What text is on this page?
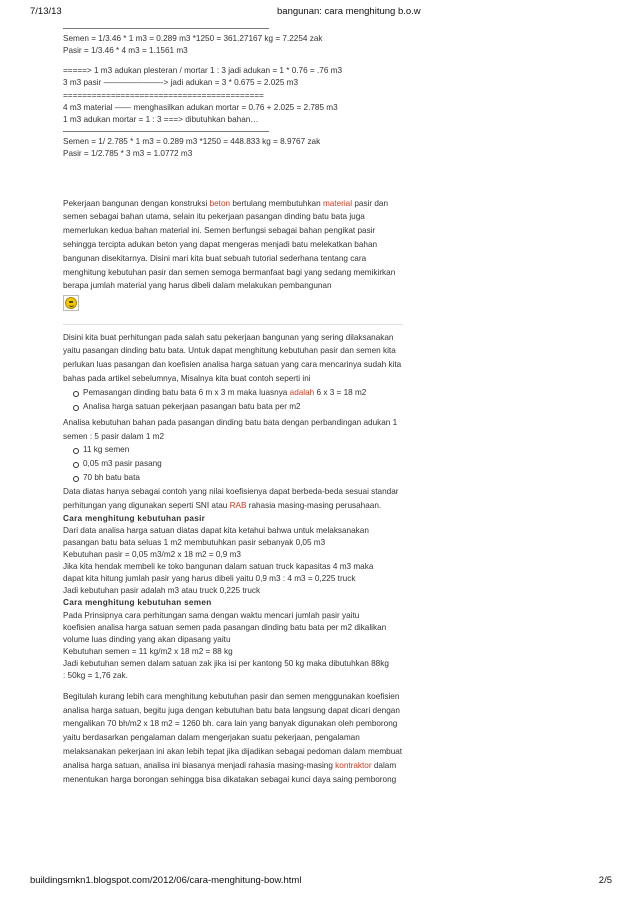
7/13/13	bangunan: cara menghitung b.o.w

Semen = 1/3.46 * 1 m3 = 0.289 m3 *1250 = 361.27167 kg = 7.2254 zak

Pasir = 1/3.46 * 4 m3 = 1.1561 m3

=====> 1 m3 adukan plesteran / mortar 1 : 3 jadi adukan = 1 * 0.76 = .76 m3

3 m3 pasir ———————-> jadi adukan = 3 * 0.675 = 2.025 m3

==========================================

4 m3 material —— menghasilkan adukan mortar = 0.76 + 2.025 = 2.785 m3

1 m3 adukan mortar = 1 : 3 ===> dibutuhkan bahan…

Semen = 1/ 2.785 * 1 m3 = 0.289 m3 *1250 = 448.833 kg = 8.9767 zak

Pasir = 1/2.785 * 3 m3 = 1.0772 m3

Pekerjaan bangunan dengan konstruksi beton bertulang membutuhkan material pasir dan semen sebagai bahan utama, selain itu pekerjaan pasangan dinding batu bata juga memerlukan kedua bahan material ini. Semen berfungsi sebagai bahan pengikat pasir sehingga tercipta adukan beton yang dapat mengeras menjadi batu melekatkan bahan bangunan disekitarnya. Disini mari kita buat sebuah tutorial sederhana tentang cara menghitung kebutuhan pasir dan semen semoga bermanfaat bagi yang sedang memikirkan berapa jumlah material yang harus dibeli dalam melakukan pembangunan

Disini kita buat perhitungan pada salah satu pekerjaan bangunan yang sering dilaksanakan yaitu pasangan dinding batu bata. Untuk dapat menghitung kebutuhan pasir dan semen kita perlukan luas pasangan dan koefisien analisa harga satuan yang cara mencarinya sudah kita bahas pada artikel sebelumnya, Misalnya kita buat contoh seperti ini

Pemasangan dinding batu bata 6 m x 3 m maka luasnya adalah 6 x 3 = 18 m2
Analisa harga satuan pekerjaan pasangan batu bata per m2

Analisa kebutuhan bahan pada pasangan dinding batu bata dengan perbandingan adukan 1 semen : 5 pasir dalam 1 m2

11 kg semen
0,05 m3 pasir pasang
70 bh batu bata

Data diatas hanya sebagai contoh yang nilai koefisienya dapat berbeda-beda sesuai standar perhitungan yang digunakan seperti SNI atau RAB rahasia masing-masing perusahaan.

Cara menghitung kebutuhan pasir

Dari data analisa harga satuan diatas dapat kita ketahui bahwa untuk melaksanakan

pasangan batu bata seluas 1 m2 membutuhkan pasir sebanyak 0,05 m3

Kebutuhan pasir = 0,05 m3/m2 x 18 m2 = 0,9 m3

Jika kita hendak membeli ke toko bangunan dalam satuan truck kapasitas 4 m3 maka

dapat kita hitung jumlah pasir yang harus dibeli yaitu 0,9 m3 : 4 m3 = 0,225 truck

Jadi kebutuhan pasir adalah m3 atau truck 0,225 truck

Cara menghitung kebutuhan semen

Pada Prinsipnya cara perhitungan sama dengan waktu mencari jumlah pasir yaitu

koefisien analisa harga satuan semen pada pasangan dinding batu bata per m2 dikalikan

volume luas dinding yang akan dipasang yaitu

Kebutuhan semen = 11 kg/m2 x 18 m2 = 88 kg

Jadi kebutuhan semen dalam satuan zak jika isi per kantong 50 kg maka dibutuhkan 88kg

: 50kg = 1,76 zak.

Begitulah kurang lebih cara menghitung kebutuhan pasir dan semen menggunakan koefisien analisa harga satuan, begitu juga dengan kebutuhan batu bata langsung dapat dicari dengan mengalikan 70 bh/m2 x 18 m2 = 1260 bh. cara lain yang banyak digunakan oleh pemborong yaitu berdasarkan pengalaman dalam mengerjakan suatu pekerjaan, pengalaman melaksanakan pekerjaan ini akan lebih tepat jika dijadikan sebagai pedoman dalam membuat analisa harga satuan, analisa ini biasanya menjadi rahasia masing-masing kontraktor dalam menentukan harga borongan sehingga bisa dikatakan sebagai kunci daya saing pemborong

buildingsmkn1.blogspot.com/2012/06/cara-menghitung-bow.html	2/5
